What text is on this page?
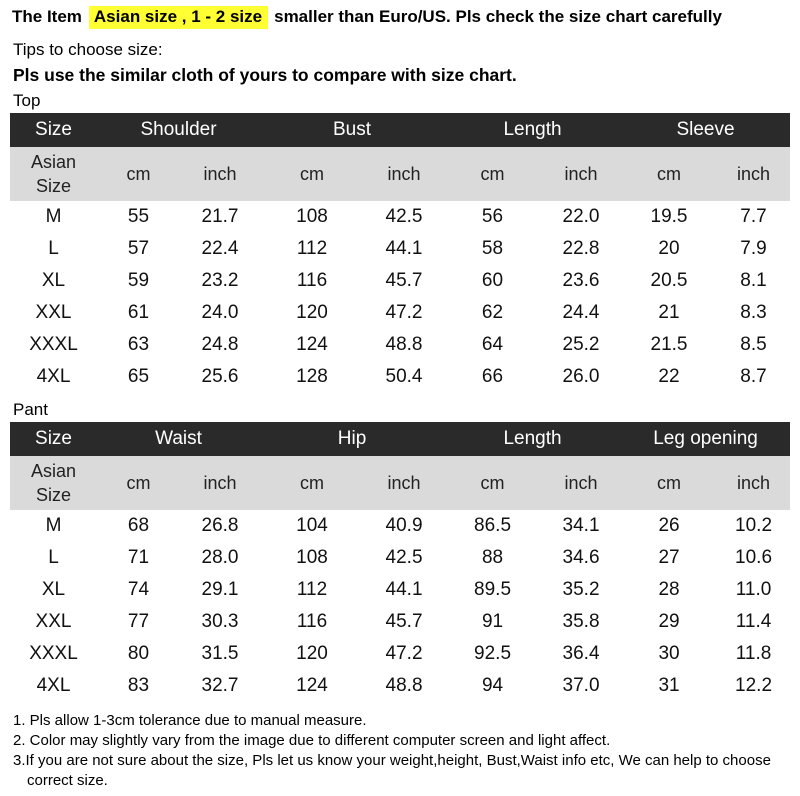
The Item Asian size , 1 - 2 size smaller than Euro/US. Pls check the size chart carefully
Tips to choose size:
Pls use the similar cloth of yours to compare with size chart.
Top
Size	Shoulder		Bust		Length		Sleeve	

Asian
Size	cm	inch	cm	inch	cm	inch	cm	inch
M	55	21.7	108	42.5	56	22.0	19.5	7.7
L	57	22.4	112	44.1	58	22.8	20	7.9
XL	59	23.2	116	45.7	60	23.6	20.5	8.1
XXL	61	24.0	120	47.2	62	24.4	21	8.3
XXXL	63	24.8	124	48.8	64	25.2	21.5	8.5
4XL	65	25.6	128	50.4	66	26.0	22	8.7
Pant
Size	Waist		Hip		Length		Leg opening	

Asian
Size	cm	inch	cm	inch	cm	inch	cm	inch
M	68	26.8	104	40.9	86.5	34.1	26	10.2
L	71	28.0	108	42.5	88	34.6	27	10.6
XL	74	29.1	112	44.1	89.5	35.2	28	11.0
XXL	77	30.3	116	45.7	91	35.8	29	11.4
XXXL	80	31.5	120	47.2	92.5	36.4	30	11.8
4XL	83	32.7	124	48.8	94	37.0	31	12.2
1. Pls allow 1-3cm tolerance due to manual measure.
2. Color may slightly vary from the image due to different computer screen and light affect.
3.If you are not sure about the size, Pls let us know your weight,height, Bust,Waist info etc, We can help to choose correct size.
